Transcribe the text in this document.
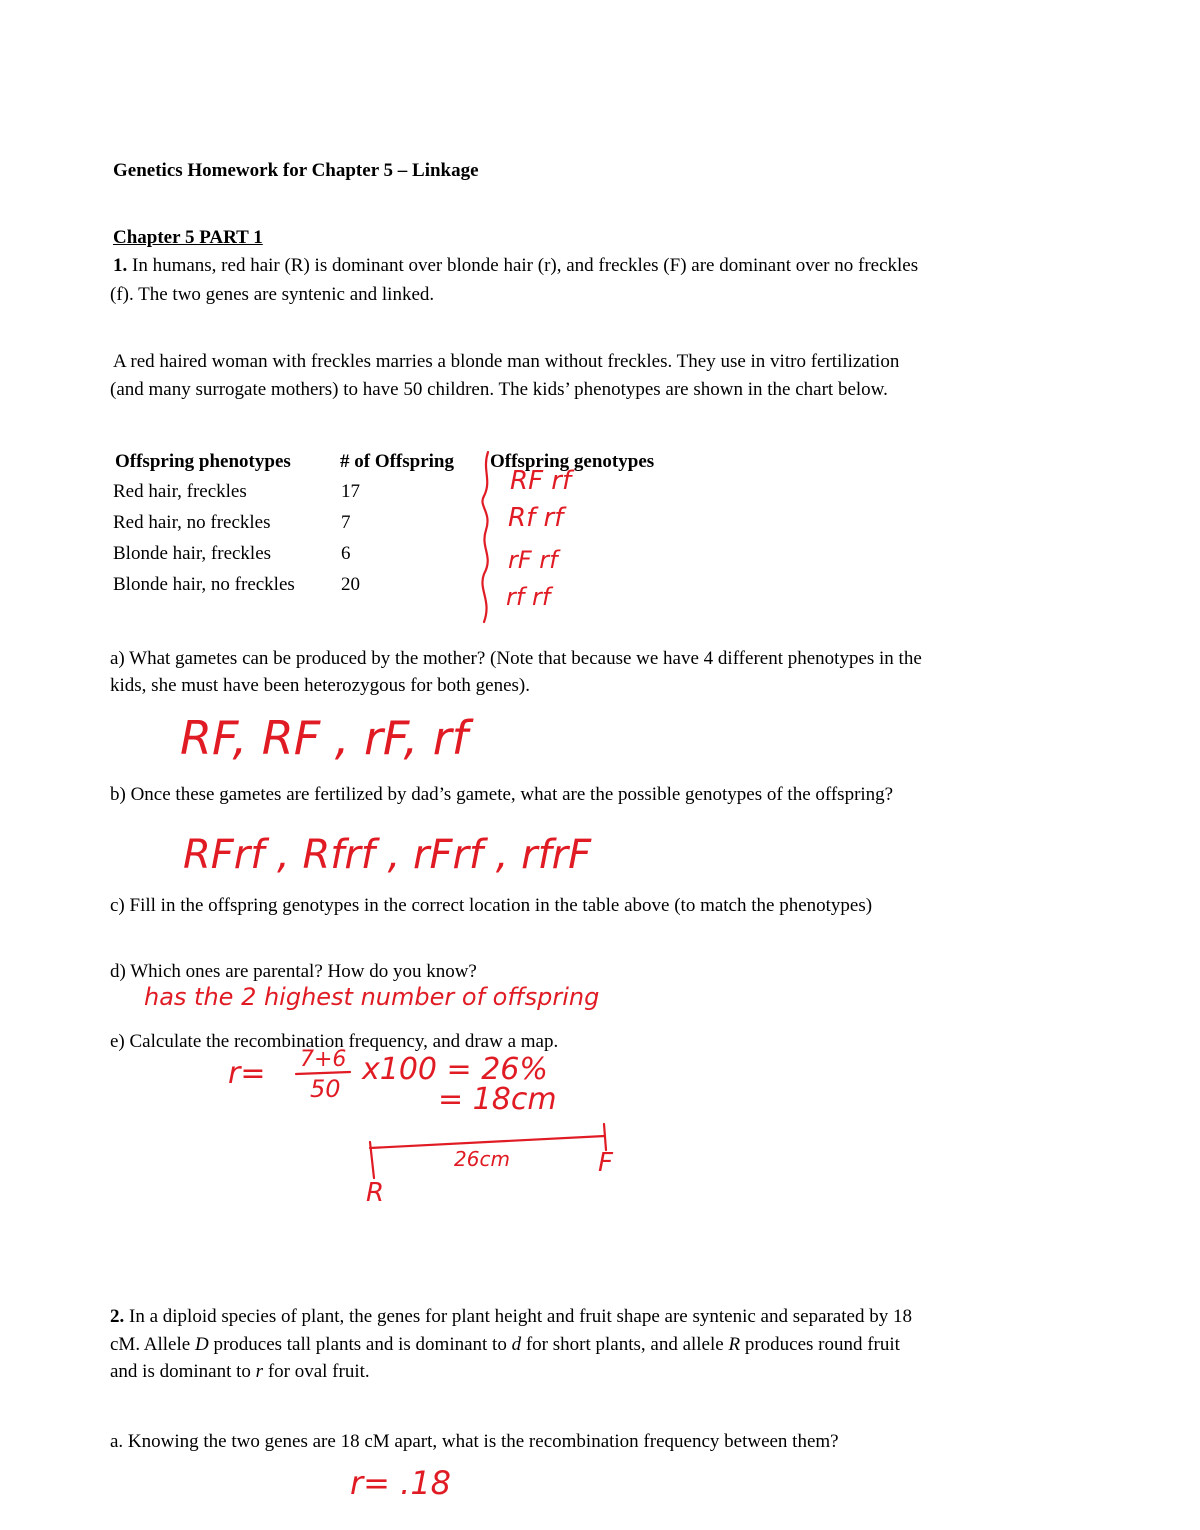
Genetics Homework for Chapter 5 – Linkage
Chapter 5 PART 1
1. In humans, red hair (R) is dominant over blonde hair (r), and freckles (F) are dominant over no freckles
(f). The two genes are syntenic and linked.
A red haired woman with freckles marries a blonde man without freckles. They use in vitro fertilization
(and many surrogate mothers) to have 50 children. The kids’ phenotypes are shown in the chart below.
Offspring phenotypes	# of Offspring Offspring genotypes
Red hair, freckles	17	RF rf
Red hair, no freckles	7	Rf rf
Blonde hair, freckles	6	rF rf
Blonde hair, no freckles 20	rf rf
a) What gametes can be produced by the mother? (Note that because we have 4 different phenotypes in the
kids, she must have been heterozygous for both genes).
RF, RF , rF, rf
b) Once these gametes are fertilized by dad’s gamete, what are the possible genotypes of the offspring?
RFrf , Rfrf , rFrf , rfrF
c) Fill in the offspring genotypes in the correct location in the table above (to match the phenotypes)
d) Which ones are parental? How do you know?
has the 2 highest number of offspring
e) Calculate the recombination frequency, and draw a map.
r= 7+6
50
x100 = 26%
= 18cm
26cm
R
F
2. In a diploid species of plant, the genes for plant height and fruit shape are syntenic and separated by 18
cM. Allele D produces tall plants and is dominant to d for short plants, and allele R produces round fruit
and is dominant to r for oval fruit.
a. Knowing the two genes are 18 cM apart, what is the recombination frequency between them?
r= .18
